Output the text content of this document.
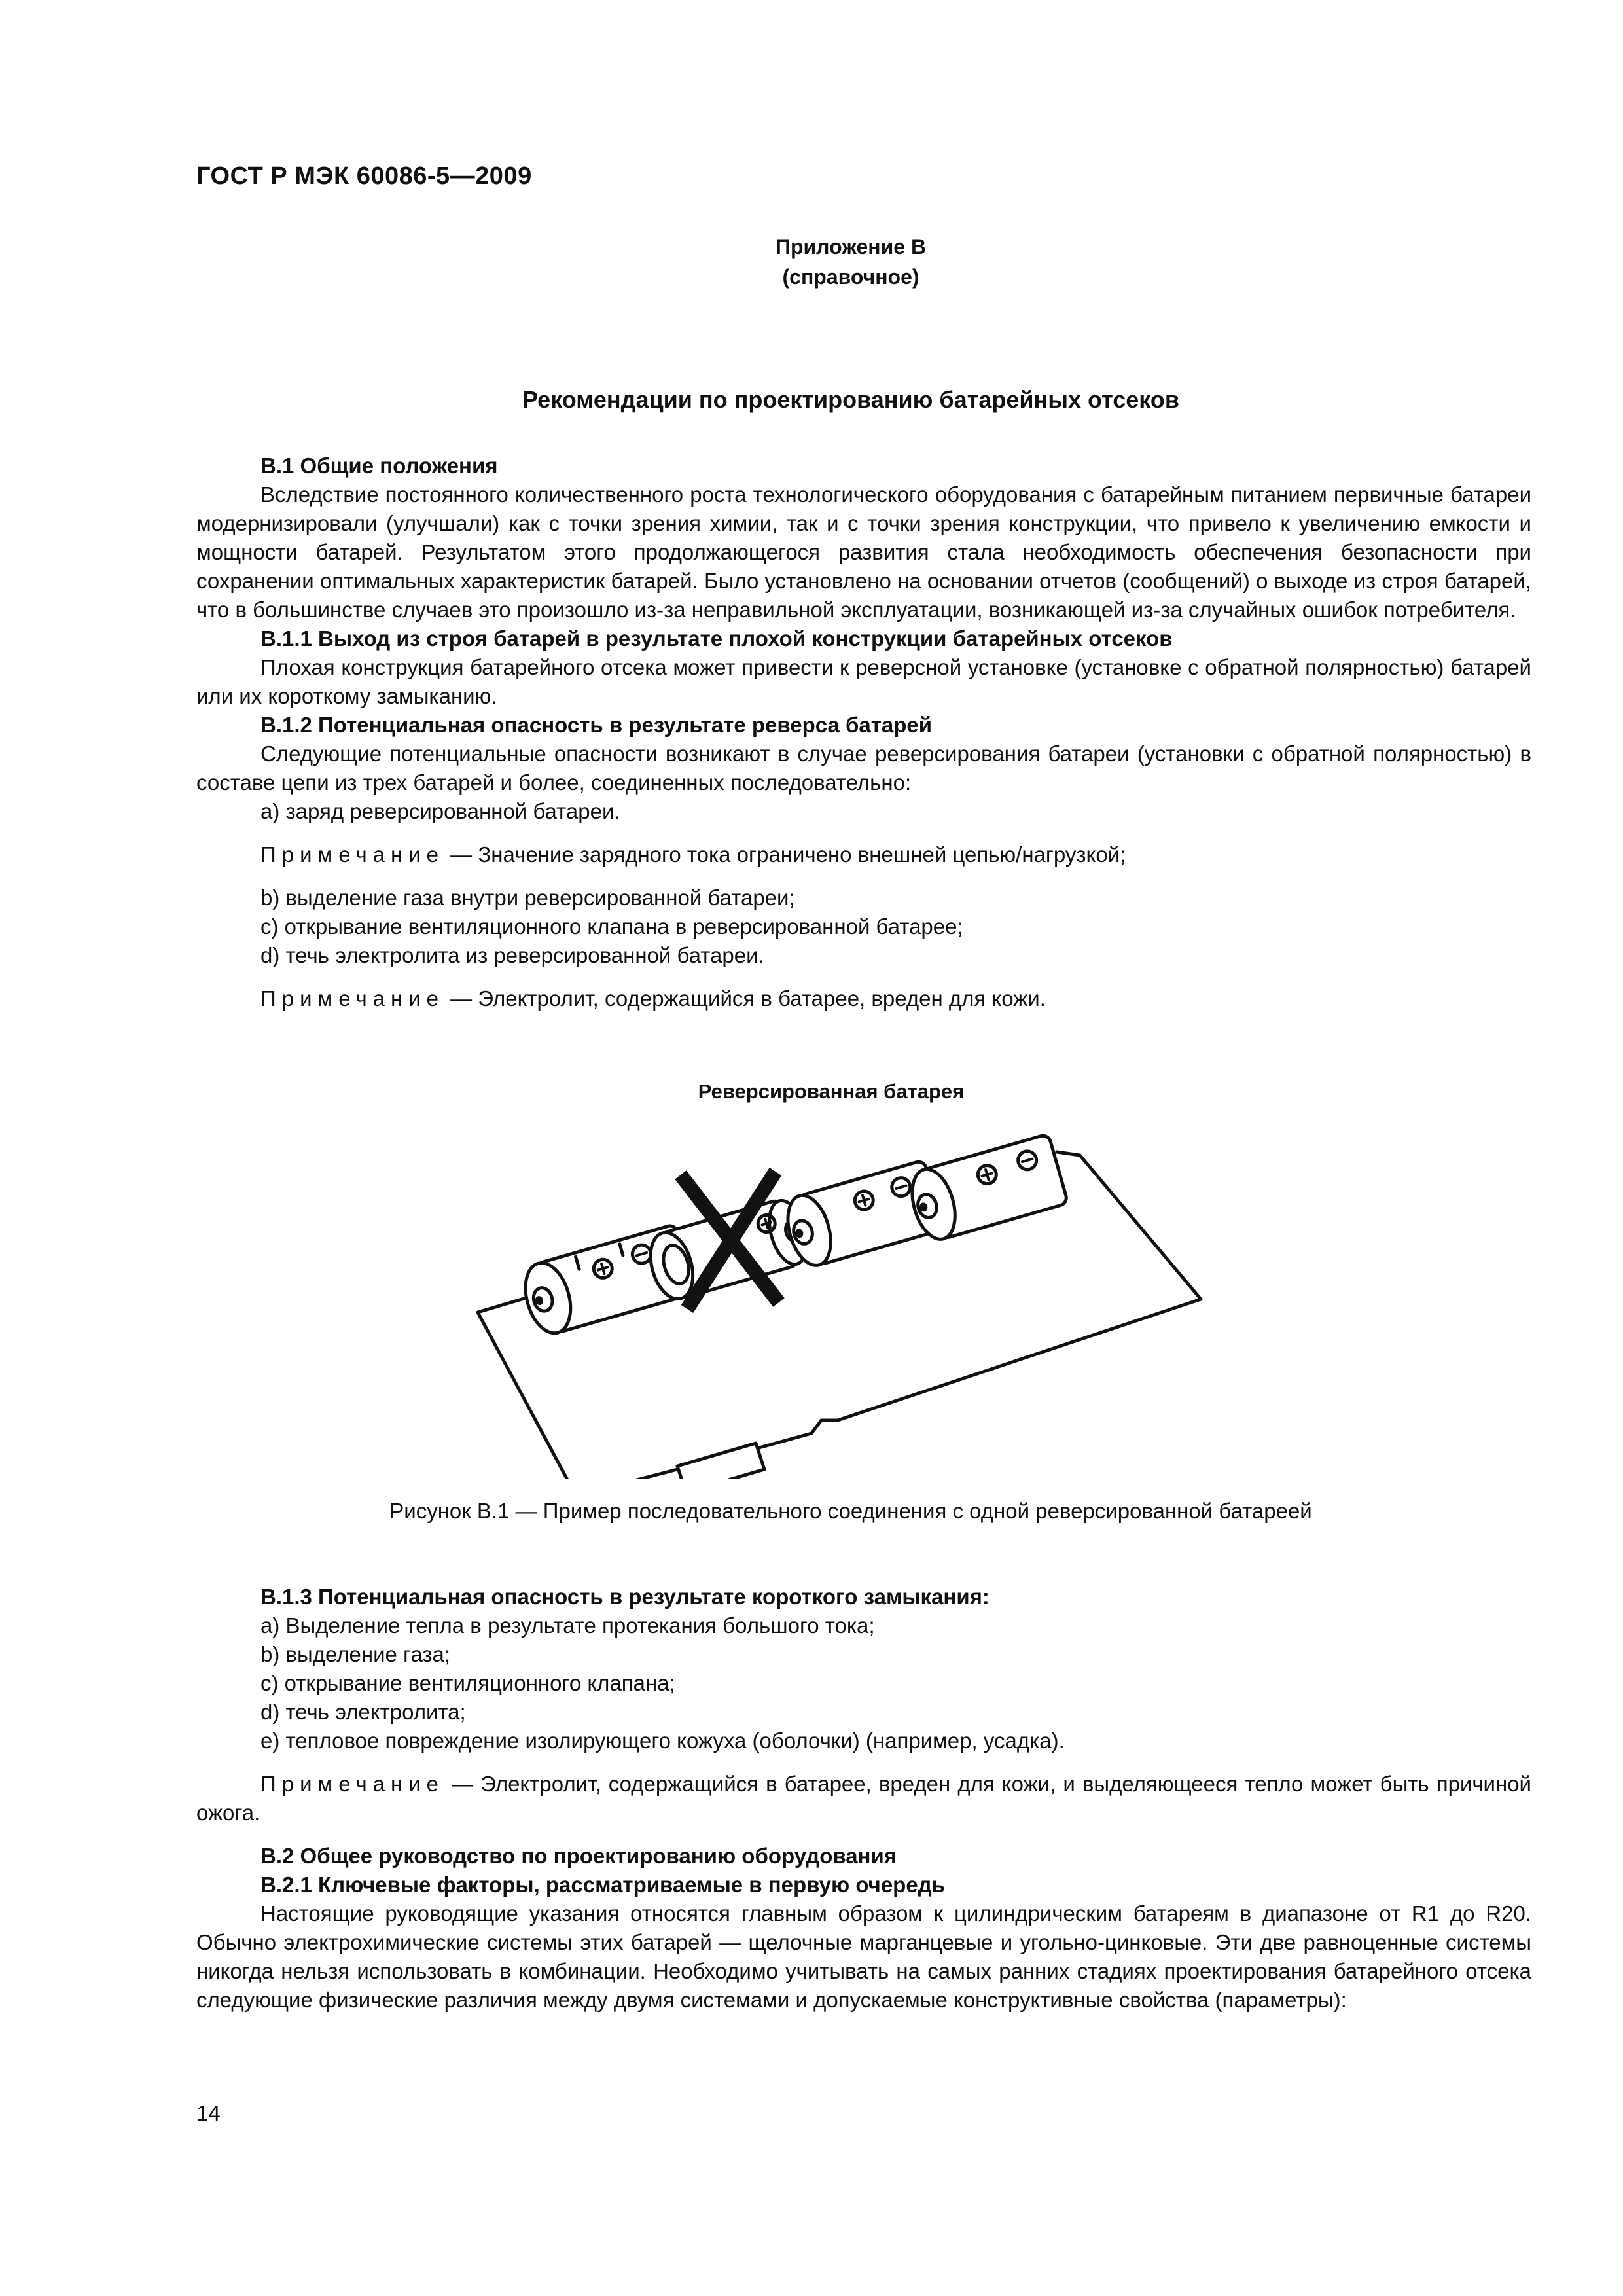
ГОСТ Р МЭК 60086-5—2009
Приложение В
(справочное)
Рекомендации по проектированию батарейных отсеков

В.1 Общие положения

Вследствие постоянного количественного роста технологического оборудования с батарейным питанием первичные батареи модернизировали (улучшали) как с точки зрения химии, так и с точки зрения конструкции, что привело к увеличению емкости и мощности батарей. Результатом этого продолжающегося развития стала необходимость обеспечения безопасности при сохранении оптимальных характеристик батарей. Было установлено на основании отчетов (сообщений) о выходе из строя батарей, что в большинстве случаев это произошло из-за неправильной эксплуатации, возникающей из-за случайных ошибок потребителя.

В.1.1 Выход из строя батарей в результате плохой конструкции батарейных отсеков

Плохая конструкция батарейного отсека может привести к реверсной установке (установке с обратной полярностью) батарей или их короткому замыканию.

В.1.2 Потенциальная опасность в результате реверса батарей

Следующие потенциальные опасности возникают в случае реверсирования батареи (установки с обратной полярностью) в составе цепи из трех батарей и более, соединенных последовательно:

а) заряд реверсированной батареи.

Примечание — Значение зарядного тока ограничено внешней цепью/нагрузкой;

b) выделение газа внутри реверсированной батареи;

c) открывание вентиляционного клапана в реверсированной батарее;

d) течь электролита из реверсированной батареи.

Примечание — Электролит, содержащийся в батарее, вреден для кожи.

Реверсированная батарея
Рисунок В.1 — Пример последовательного соединения с одной реверсированной батареей

В.1.3 Потенциальная опасность в результате короткого замыкания:

а) Выделение тепла в результате протекания большого тока;

b) выделение газа;

c) открывание вентиляционного клапана;

d) течь электролита;

e) тепловое повреждение изолирующего кожуха (оболочки) (например, усадка).

Примечание — Электролит, содержащийся в батарее, вреден для кожи, и выделяющееся тепло может быть причиной ожога.

В.2 Общее руководство по проектированию оборудования

В.2.1 Ключевые факторы, рассматриваемые в первую очередь

Настоящие руководящие указания относятся главным образом к цилиндрическим батареям в диапазоне от R1 до R20. Обычно электрохимические системы этих батарей — щелочные марганцевые и угольно-цинковые. Эти две равноценные системы никогда нельзя использовать в комбинации. Необходимо учитывать на самых ранних стадиях проектирования батарейного отсека следующие физические различия между двумя системами и допускаемые конструктивные свойства (параметры):

14
